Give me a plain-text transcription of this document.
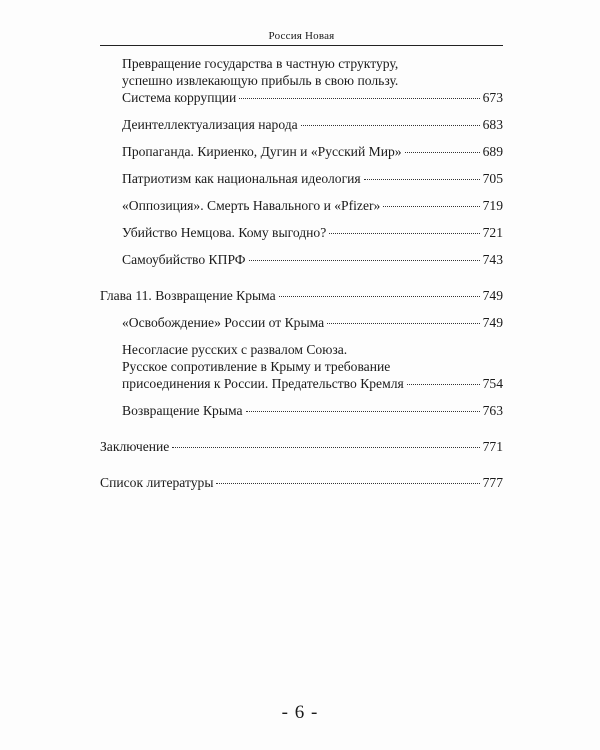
Россия Новая
Превращение государства в частную структуру,
успешно извлекающую прибыль в свою пользу.
Система коррупции	673
Деинтеллектуализация народа	683
Пропаганда. Кириенко, Дугин и «Русский Мир»	689
Патриотизм как национальная идеология	705
«Оппозиция». Смерть Навального и «Pfizer»	719
Убийство Немцова. Кому выгодно?	721
Самоубийство КПРФ	743
Глава 11. Возвращение Крыма	749
«Освобождение» России от Крыма	749
Несогласие русских с развалом Союза.
Русское сопротивление в Крыму и требование
присоединения к России. Предательство Кремля	754
Возвращение Крыма	763
Заключение	771
Список литературы	777
- 6 -
